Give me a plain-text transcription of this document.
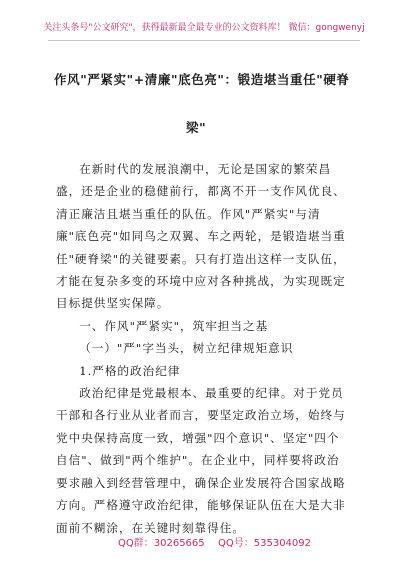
关注头条号"公文研究"，获得最新最全最专业的公文资料库！ 微信：gongwenyj
作风"严紧实"+清廉"底色亮"：锻造堪当重任"硬脊
梁"

在新时代的发展浪潮中，无论是国家的繁荣昌盛，还是企业的稳健前行，都离不开一支作风优良、清正廉洁且堪当重任的队伍。作风"严紧实"与清廉"底色亮"如同鸟之双翼、车之两轮，是锻造堪当重任"硬脊梁"的关键要素。只有打造出这样一支队伍，才能在复杂多变的环境中应对各种挑战，为实现既定目标提供坚实保障。

一、作风"严紧实"，筑牢担当之基

（一）"严"字当头，树立纪律规矩意识

1.严格的政治纪律

政治纪律是党最根本、最重要的纪律。对于党员干部和各行业从业者而言，要坚定政治立场，始终与党中央保持高度一致，增强"四个意识"、坚定"四个自信"、做到"两个维护"。在企业中，同样要将政治要求融入到经营管理中，确保企业发展符合国家战略方向。严格遵守政治纪律，能够保证队伍在大是大非面前不糊涂，在关键时刻靠得住。

QQ群：30265665 QQ号：535304092
